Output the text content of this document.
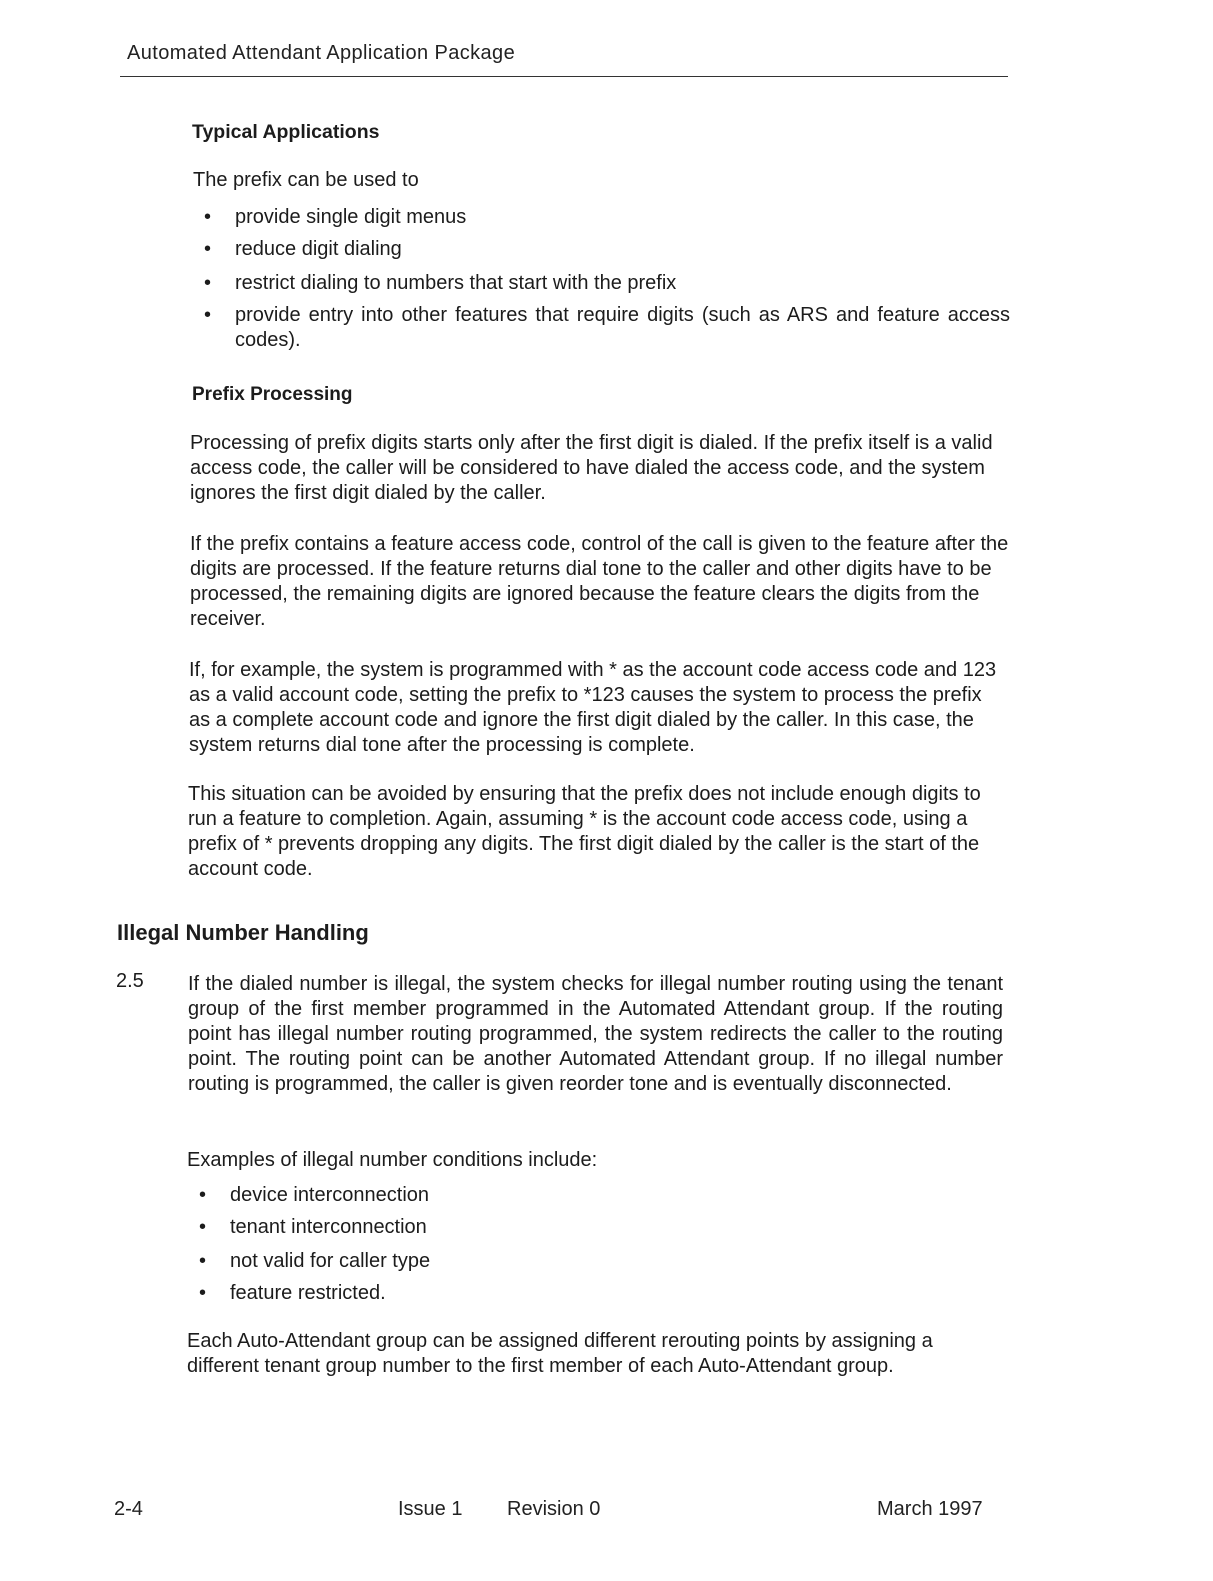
Automated Attendant Application Package
Typical Applications
The prefix can be used to
• provide single digit menus
• reduce digit dialing
• restrict dialing to numbers that start with the prefix
• provide entry into other features that require digits (such as ARS and feature access codes).
Prefix Processing

Processing of prefix digits starts only after the first digit is dialed. If the prefix itself is a valid access code, the caller will be considered to have dialed the access code, and the system ignores the first digit dialed by the caller.

If the prefix contains a feature access code, control of the call is given to the feature after the digits are processed. If the feature returns dial tone to the caller and other digits have to be processed, the remaining digits are ignored because the feature clears the digits from the receiver.

If, for example, the system is programmed with * as the account code access code and 123 as a valid account code, setting the prefix to *123 causes the system to process the prefix as a complete account code and ignore the first digit dialed by the caller. In this case, the system returns dial tone after the processing is complete.

This situation can be avoided by ensuring that the prefix does not include enough digits to run a feature to completion. Again, assuming * is the account code access code, using a prefix of * prevents dropping any digits. The first digit dialed by the caller is the start of the account code.

Illegal Number Handling
2.5 If the dialed number is illegal, the system checks for illegal number routing using the tenant group of the first member programmed in the Automated Attendant group. If the routing point has illegal number routing programmed, the system redirects the caller to the routing point. The routing point can be another Automated Attendant group. If no illegal number routing is programmed, the caller is given reorder tone and is eventually disconnected.

Examples of illegal number conditions include:
• device interconnection
• tenant interconnection
• not valid for caller type
• feature restricted.

Each Auto-Attendant group can be assigned different rerouting points by assigning a different tenant group number to the first member of each Auto-Attendant group.

2-4	Issue 1 Revision 0	March 1997
